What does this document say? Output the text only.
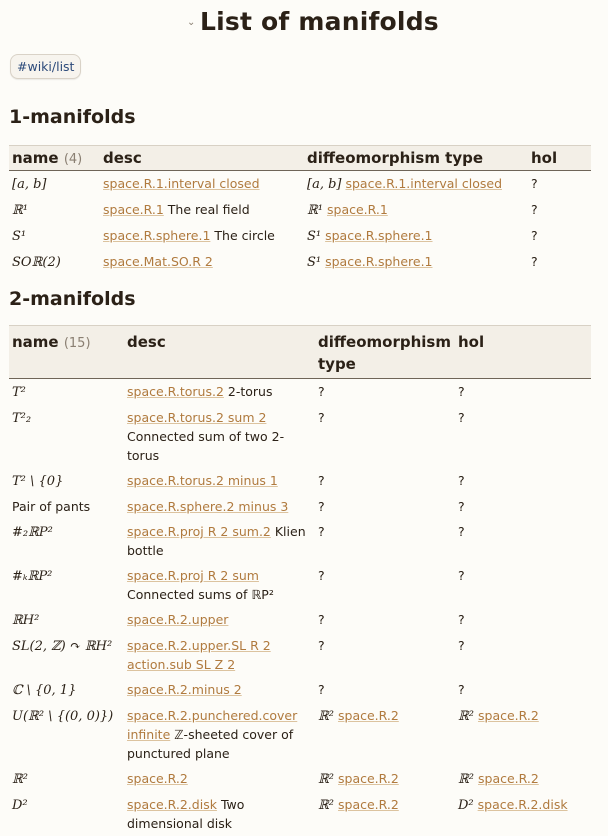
⌄ List of manifolds
#wiki/list
1-manifolds
name (4)	desc	diffeomorphism type	hol
[a, b]	space.R.1.interval closed	[a, b] space.R.1.interval closed	?
ℝ¹	space.R.1 The real field	ℝ¹ space.R.1	?
S¹	space.R.sphere.1 The circle	S¹ space.R.sphere.1	?
SOℝ(2)	space.Mat.SO.R 2	S¹ space.R.sphere.1	?
2-manifolds
name (15)	desc	diffeomorphism type	hol
T²	space.R.torus.2 2-torus	?	?
T²₂	space.R.torus.2 sum 2 Connected sum of two 2-torus	?	?
T² \ {0}	space.R.torus.2 minus 1	?	?
Pair of pants	space.R.sphere.2 minus 3	?	?
#₂ℝP²	space.R.proj R 2 sum.2 Klien bottle	?	?
#ₖℝP²	space.R.proj R 2 sum Connected sums of ℝP²	?	?
ℝH²	space.R.2.upper	?	?
SL(2, ℤ) ↷ ℝH²	space.R.2.upper.SL R 2 action.sub SL Z 2	?	?
ℂ \ {0, 1}	space.R.2.minus 2	?	?
U(ℝ² \ {(0, 0)})	space.R.2.punchered.cover infinite ℤ-sheeted cover of punctured plane	ℝ² space.R.2	ℝ² space.R.2
ℝ²	space.R.2	ℝ² space.R.2	ℝ² space.R.2
D²	space.R.2.disk Two dimensional disk	ℝ² space.R.2	D² space.R.2.disk
